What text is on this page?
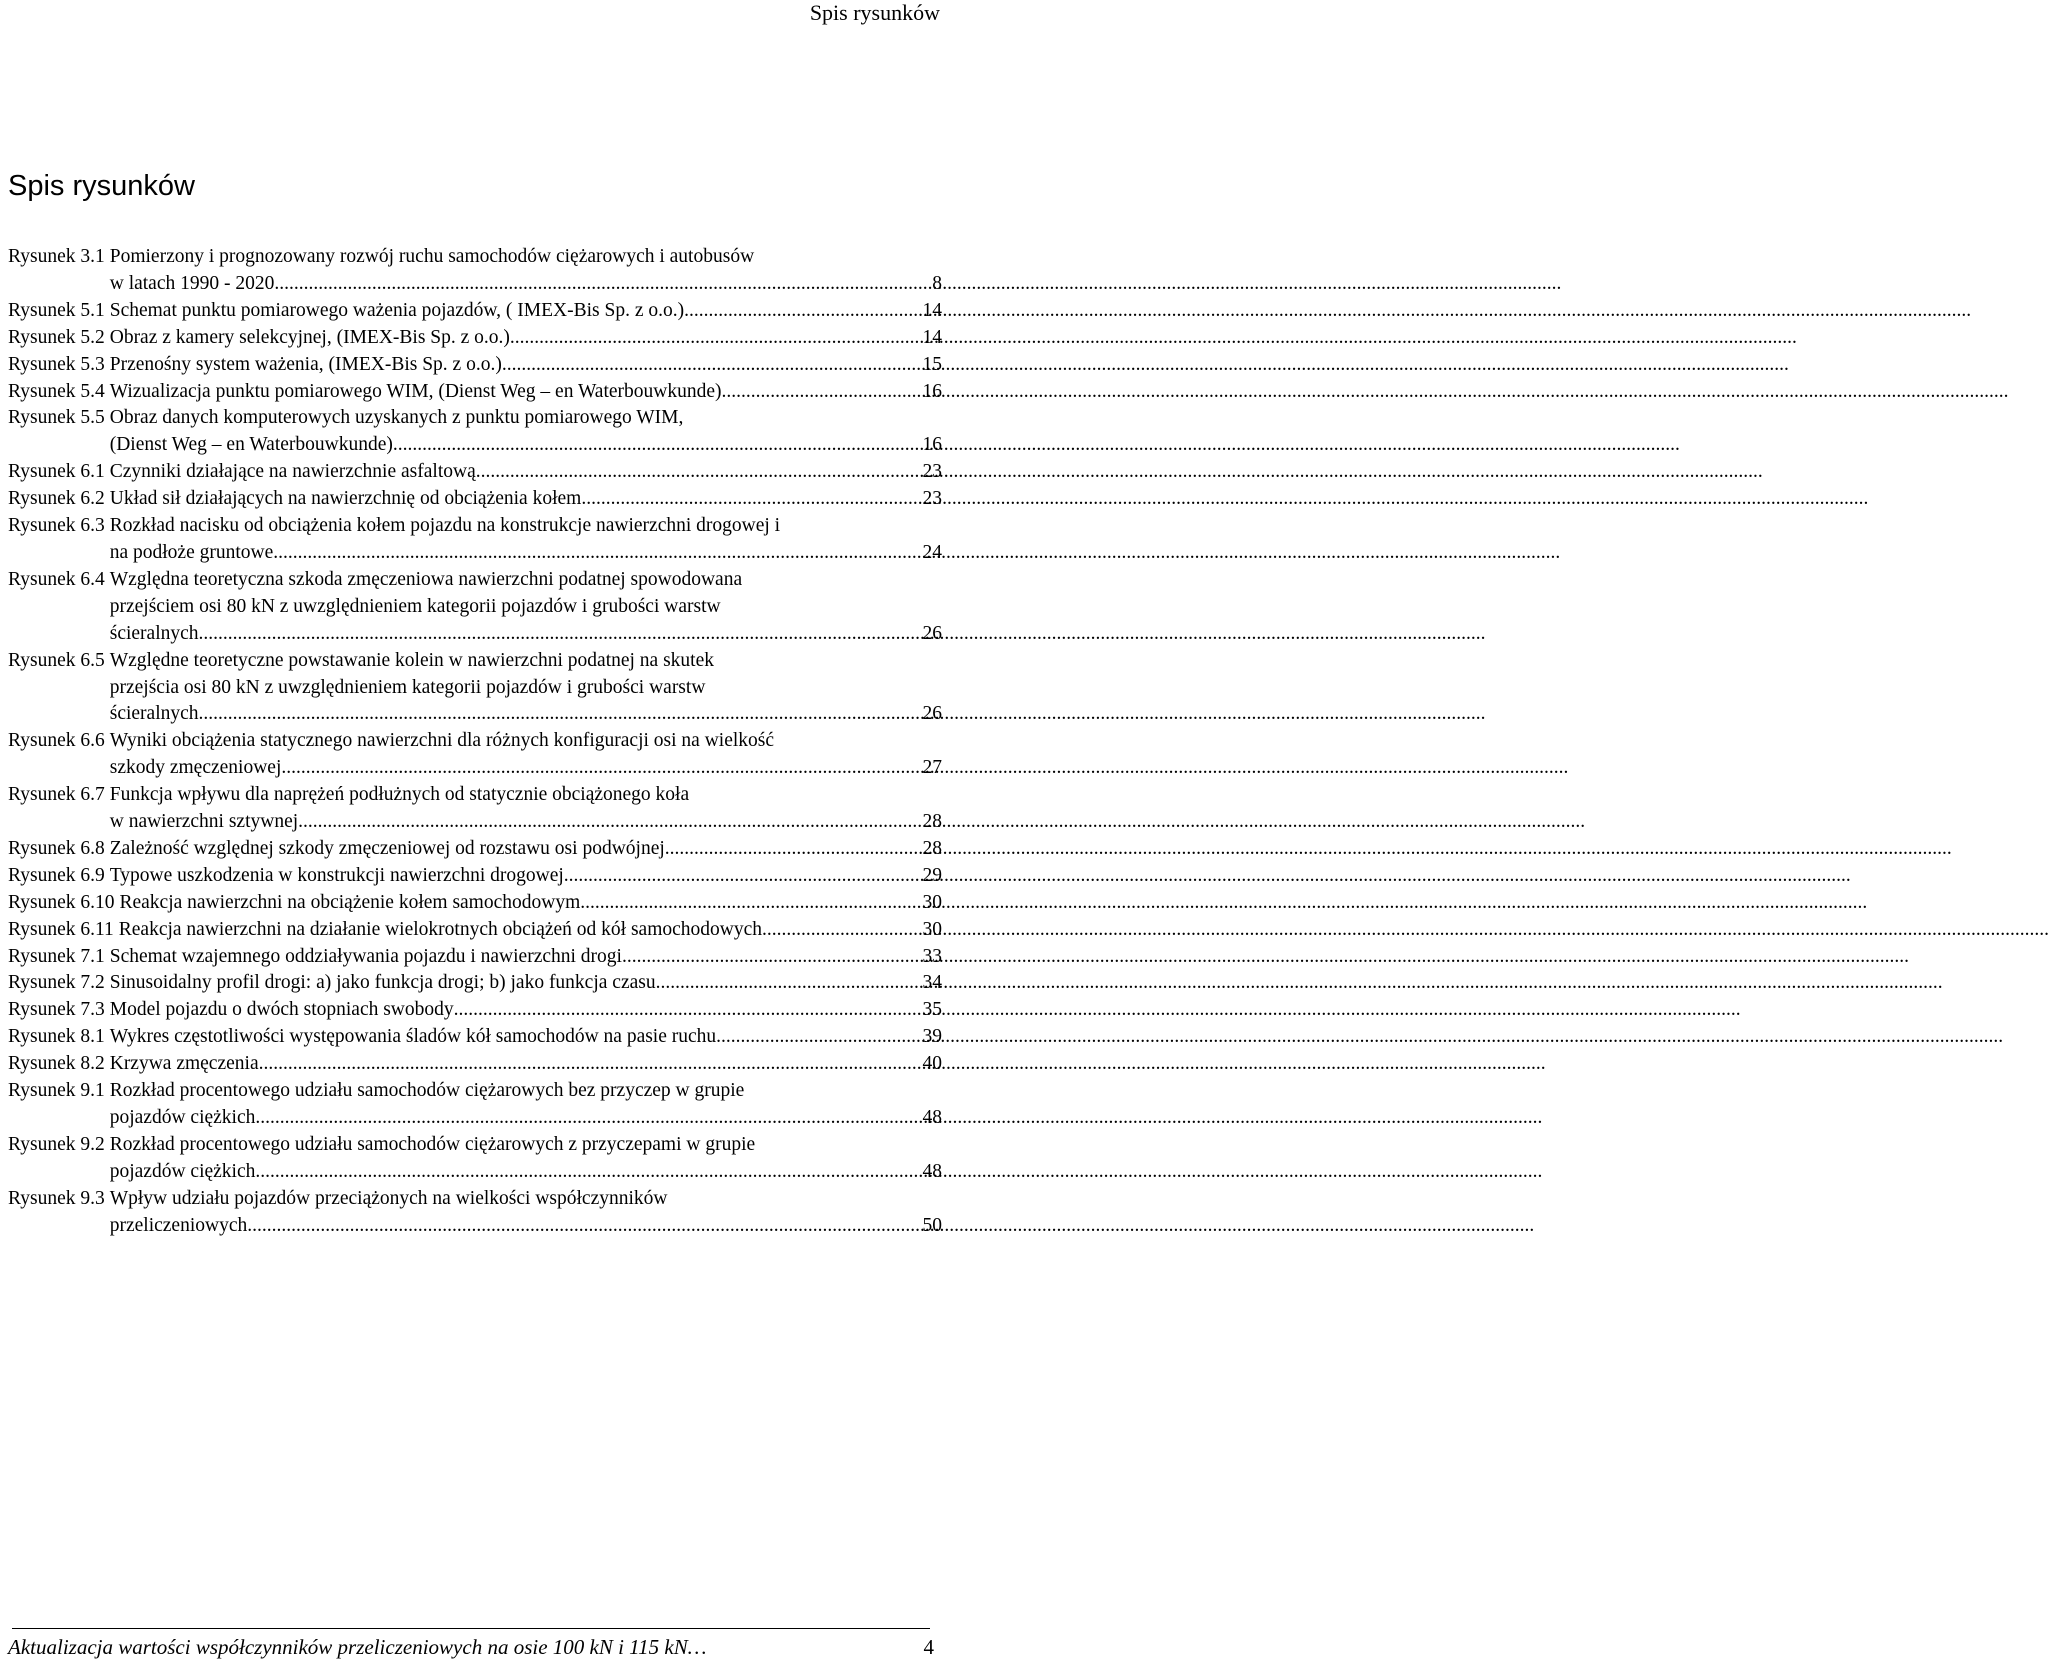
Spis rysunków
Spis rysunków
Rysunek 3.1 Pomierzony i prognozowany rozwój ruchu samochodów ciężarowych i autobusów
w latach 1990 - 2020 .....	8
Rysunek 5.1 Schemat punktu pomiarowego ważenia pojazdów, ( IMEX-Bis Sp. z o.o.) .....	14
Rysunek 5.2 Obraz z kamery selekcyjnej, (IMEX-Bis Sp. z o.o.) .....	14
Rysunek 5.3 Przenośny system ważenia, (IMEX-Bis Sp. z o.o.) .....	15
Rysunek 5.4 Wizualizacja punktu pomiarowego WIM, (Dienst Weg – en Waterbouwkunde) .....	16
Rysunek 5.5 Obraz danych komputerowych uzyskanych z punktu pomiarowego WIM,
(Dienst Weg – en Waterbouwkunde) .....	16
Rysunek 6.1 Czynniki działające na nawierzchnie asfaltową .....	23
Rysunek 6.2 Układ sił działających na nawierzchnię od obciążenia kołem .....	23
Rysunek 6.3 Rozkład nacisku od obciążenia kołem pojazdu na konstrukcje nawierzchni drogowej i
na podłoże gruntowe .....	24
Rysunek 6.4 Względna teoretyczna szkoda zmęczeniowa nawierzchni podatnej spowodowana
przejściem osi 80 kN z uwzględnieniem kategorii pojazdów i grubości warstw
ścieralnych .....	26
Rysunek 6.5 Względne teoretyczne powstawanie kolein w nawierzchni podatnej na skutek
przejścia osi 80 kN z uwzględnieniem kategorii pojazdów i grubości warstw
ścieralnych .....	26
Rysunek 6.6 Wyniki obciążenia statycznego nawierzchni dla różnych konfiguracji osi na wielkość
szkody zmęczeniowej .....	27
Rysunek 6.7 Funkcja wpływu dla naprężeń podłużnych od statycznie obciążonego koła
w nawierzchni sztywnej .....	28
Rysunek 6.8 Zależność względnej szkody zmęczeniowej od rozstawu osi podwójnej .....	28
Rysunek 6.9 Typowe uszkodzenia w konstrukcji nawierzchni drogowej .....	29
Rysunek 6.10 Reakcja nawierzchni na obciążenie kołem samochodowym .....	30
Rysunek 6.11 Reakcja nawierzchni na działanie wielokrotnych obciążeń od kół samochodowych .....	30
Rysunek 7.1 Schemat wzajemnego oddziaływania pojazdu i nawierzchni drogi .....	33
Rysunek 7.2 Sinusoidalny profil drogi: a) jako funkcja drogi; b) jako funkcja czasu .....	34
Rysunek 7.3 Model pojazdu o dwóch stopniach swobody .....	35
Rysunek 8.1 Wykres częstotliwości występowania śladów kół samochodów na pasie ruchu .....	39
Rysunek 8.2 Krzywa zmęczenia .....	40
Rysunek 9.1 Rozkład procentowego udziału samochodów ciężarowych bez przyczep w grupie
pojazdów ciężkich .....	48
Rysunek 9.2 Rozkład procentowego udziału samochodów ciężarowych z przyczepami w grupie
pojazdów ciężkich .....	48
Rysunek 9.3 Wpływ udziału pojazdów przeciążonych na wielkości współczynników
przeliczeniowych .....	50
Aktualizacja wartości współczynników przeliczeniowych na osie 100 kN i 115 kN…	4
